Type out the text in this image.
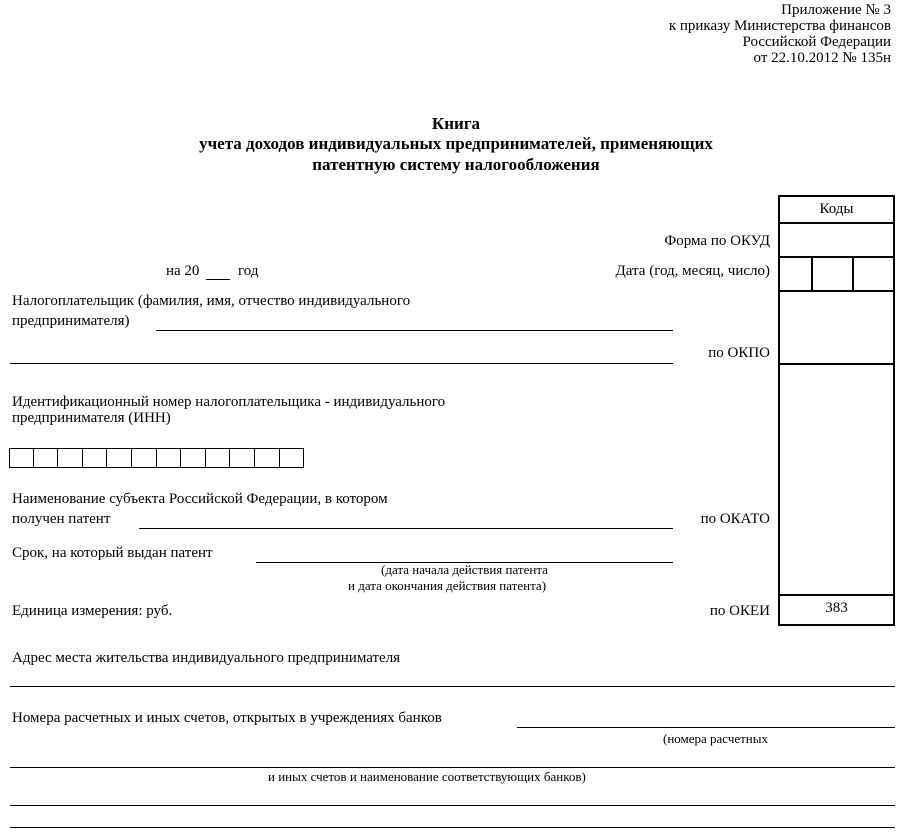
Приложение № 3
к приказу Министерства финансов
Российской Федерации
от 22.10.2012 № 135н
Книга
учета доходов индивидуальных предпринимателей, применяющих
патентную систему налогообложения
Коды
383
Форма по ОКУД
Дата (год, месяц, число)
по ОКПО
по ОКАТО
по ОКЕИ
на 20	год
Налогоплательщик (фамилия, имя, отчество индивидуального
предпринимателя)
Идентификационный номер налогоплательщика - индивидуального
предпринимателя (ИНН)
Наименование субъекта Российской Федерации, в котором
получен патент
Срок, на который выдан патент
(дата начала действия патента
и дата окончания действия патента)
Единица измерения: руб.
Адрес места жительства индивидуального предпринимателя
Номера расчетных и иных счетов, открытых в учреждениях банков
(номера расчетных
и иных счетов и наименование соответствующих банков)
